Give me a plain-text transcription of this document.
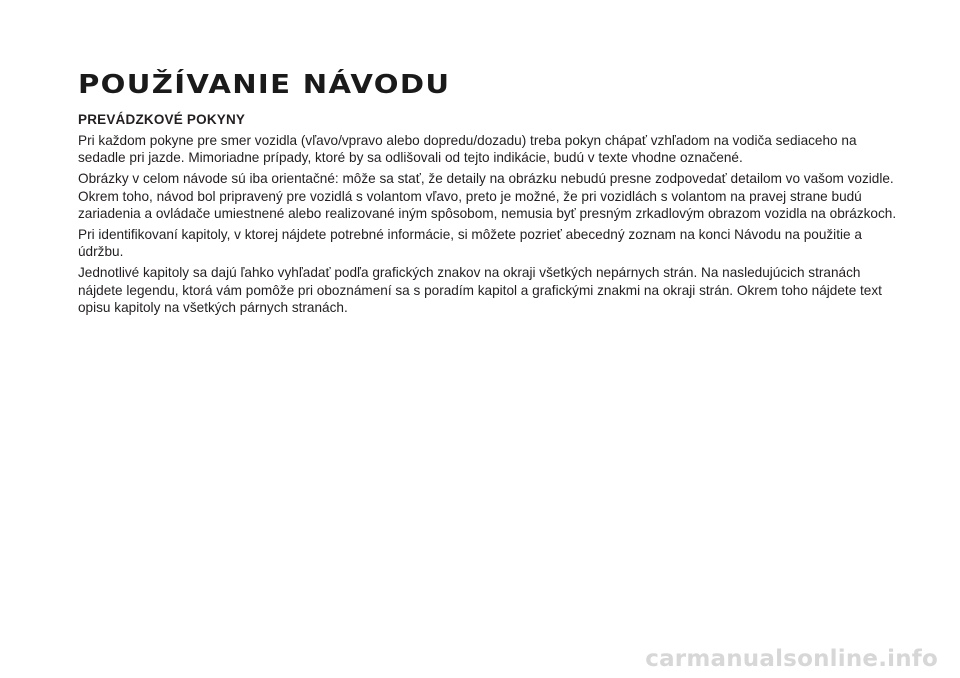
POUŽÍVANIE NÁVODU
PREVÁDZKOVÉ POKYNY

Pri každom pokyne pre smer vozidla (vľavo/vpravo alebo dopredu/dozadu) treba pokyn chápať vzhľadom na vodiča sediaceho na sedadle pri jazde. Mimoriadne prípady, ktoré by sa odlišovali od tejto indikácie, budú v texte vhodne označené.

Obrázky v celom návode sú iba orientačné: môže sa stať, že detaily na obrázku nebudú presne zodpovedať detailom vo vašom vozidle. Okrem toho, návod bol pripravený pre vozidlá s volantom vľavo, preto je možné, že pri vozidlách s volantom na pravej strane budú zariadenia a ovládače umiestnené alebo realizované iným spôsobom, nemusia byť presným zrkadlovým obrazom vozidla na obrázkoch.

Pri identifikovaní kapitoly, v ktorej nájdete potrebné informácie, si môžete pozrieť abecedný zoznam na konci Návodu na použitie a údržbu.

Jednotlivé kapitoly sa dajú ľahko vyhľadať podľa grafických znakov na okraji všetkých nepárnych strán. Na nasledujúcich stranách nájdete legendu, ktorá vám pomôže pri oboznámení sa s poradím kapitol a grafickými znakmi na okraji strán. Okrem toho nájdete text opisu kapitoly na všetkých párnych stranách.

carmanualsonline.info
